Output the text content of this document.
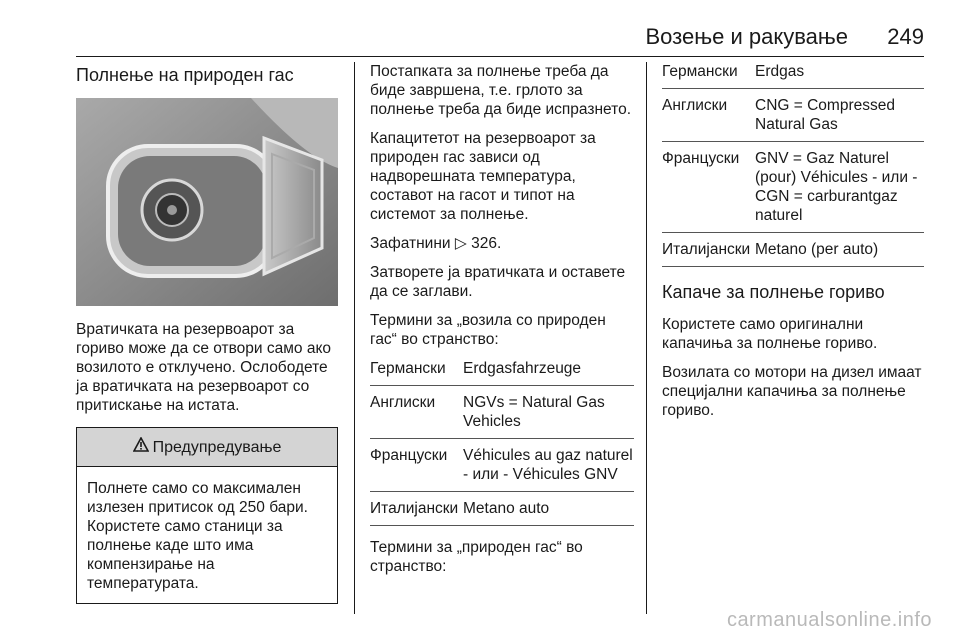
Возење и ракување 249
Полнење на природен гас

Вратичката на резервоарот за гориво може да се отвори само ако возилото е отклучено. Ослободете ја вратичката на резервоарот со притискање на истата.

Предупредување
Полнете само со максимален излезен притисок од 250 бари. Користете само станици за полнење каде што има компензирање на температурата.

Постапката за полнење треба да биде завршена, т.е. грлото за полнење треба да биде испразнето.

Капацитетот на резервоарот за природен гас зависи од надворешната температура, составот на гасот и типот на системот за полнење.

Зафатнини ▷ 326.

Затворете ја вратичката и оставете да се заглави.

Термини за „возила со природен гас“ во странство:

Германски	Erdgasfahrzeuge
Англиски	NGVs = Natural Gas Vehicles
Француски	Véhicules au gaz naturel - или - Véhicules GNV
Италијански Metano auto

Термини за „природен гас“ во странство:

Германски	Erdgas
Англиски	CNG = Compressed Natural Gas
Француски	GNV = Gaz Naturel (pour) Véhicules - или - CGN = carburantgaz naturel
Италијански Metano (per auto)
Капаче за полнење гориво

Користете само оригинални капачиња за полнење гориво.

Возилата со мотори на дизел имаат специјални капачиња за полнење гориво.

carmanualsonline.info
